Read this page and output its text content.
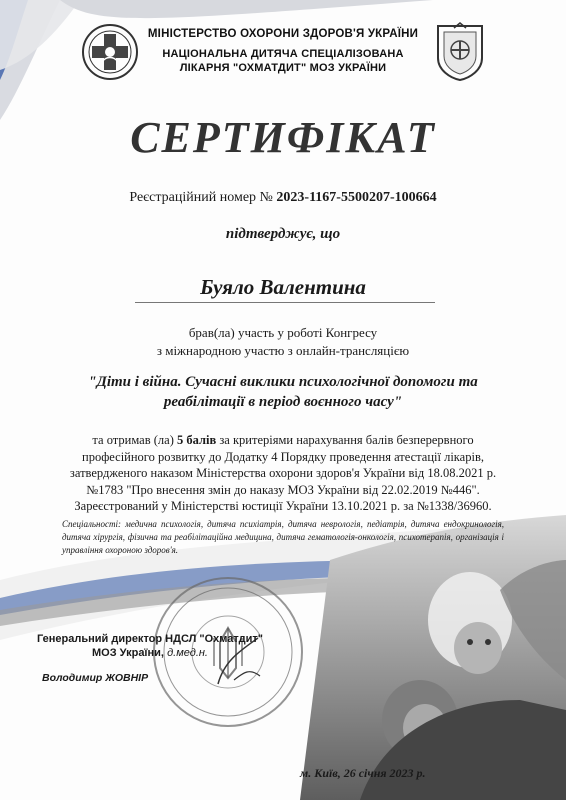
МІНІСТЕРСТВО ОХОРОНИ ЗДОРОВ'Я УКРАЇНИ
НАЦІОНАЛЬНА ДИТЯЧА СПЕЦІАЛІЗОВАНА
ЛІКАРНЯ "ОХМАТДИТ" МОЗ УКРАЇНИ
СЕРТИФІКАТ
Реєстраційний номер № 2023-1167-5500207-100664
підтверджує, що
Буяло Валентина
брав(ла) участь у роботі Конгресу
з міжнародною участю з онлайн-трансляцією
"Діти і війна. Сучасні виклики психологічної допомоги та
реабілітації в період воєнного часу"
та отримав (ла) 5 балів за критеріями нарахування балів безперервного
професійного розвитку до Додатку 4 Порядку проведення атестації лікарів,
затвердженого наказом Міністерства охорони здоров'я України від 18.08.2021 р.
№1783 "Про внесення змін до наказу МОЗ України від 22.02.2019 №446".
Зареєстрований у Міністерстві юстиції України 13.10.2021 р. за №1338/36960.
Спеціальності: медична психологія, дитяча психіатрія, дитяча неврологія, педіатрія, дитяча ендокринологія, дитяча хірургія, фізична та реабілітаційна медицина, дитяча гематологія-онкологія, психотерапія, організація і управління охороною здоров'я.
Генеральний директор НДСЛ "Охматдит"
МОЗ України, д.мед.н.
Володимир ЖОВНІР
м. Київ, 26 січня 2023 р.
